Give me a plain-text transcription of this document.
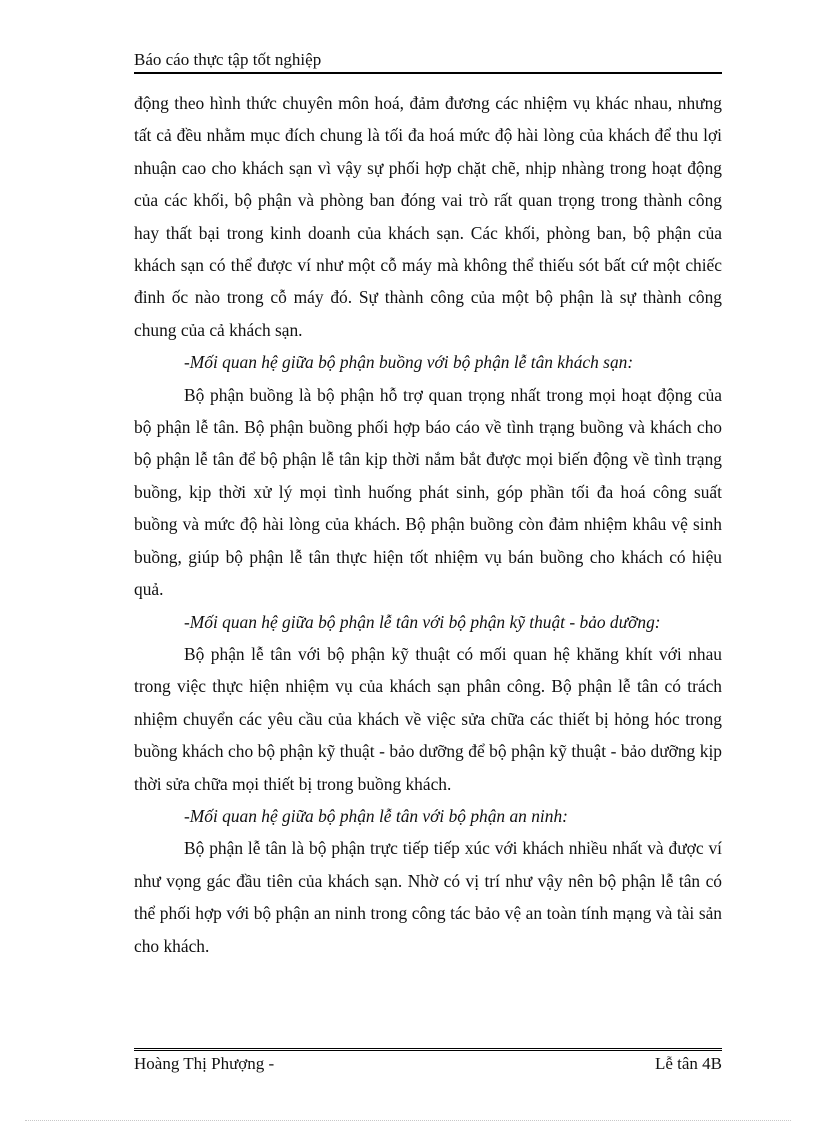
Báo cáo thực tập tốt nghiệp

động theo hình thức chuyên môn hoá, đảm đương các nhiệm vụ khác nhau, nhưng tất cả đều nhằm mục đích chung là tối đa hoá mức độ hài lòng của khách để thu lợi nhuận cao cho khách sạn vì vậy sự phối hợp chặt chẽ, nhịp nhàng trong hoạt động của các khối, bộ phận và phòng ban đóng vai trò rất quan trọng trong thành công hay thất bại trong kinh doanh của khách sạn. Các khối, phòng ban, bộ phận của khách sạn có thể được ví như một cỗ máy mà không thể thiếu sót bất cứ một chiếc đinh ốc nào trong cỗ máy đó. Sự thành công của một bộ phận là sự thành công chung của cả khách sạn.

-Mối quan hệ giữa bộ phận buồng với bộ phận lễ tân khách sạn:

Bộ phận buồng là bộ phận hỗ trợ quan trọng nhất trong mọi hoạt động của bộ phận lễ tân. Bộ phận buồng phối hợp báo cáo về tình trạng buồng và khách cho bộ phận lễ tân để bộ phận lễ tân kịp thời nắm bắt được mọi biến động về tình trạng buồng, kịp thời xử lý mọi tình huống phát sinh, góp phần tối đa hoá công suất buồng và mức độ hài lòng của khách. Bộ phận buồng còn đảm nhiệm khâu vệ sinh buồng, giúp bộ phận lễ tân thực hiện tốt nhiệm vụ bán buồng cho khách có hiệu quả.

-Mối quan hệ giữa bộ phận lễ tân với bộ phận kỹ thuật - bảo dưỡng:

Bộ phận lễ tân với bộ phận kỹ thuật có mối quan hệ khăng khít với nhau trong việc thực hiện nhiệm vụ của khách sạn phân công. Bộ phận lễ tân có trách nhiệm chuyển các yêu cầu của khách về việc sửa chữa các thiết bị hỏng hóc trong buồng khách cho bộ phận kỹ thuật - bảo dưỡng để bộ phận kỹ thuật - bảo dưỡng kịp thời sửa chữa mọi thiết bị trong buồng khách.

-Mối quan hệ giữa bộ phận lễ tân với bộ phận an ninh:

Bộ phận lễ tân là bộ phận trực tiếp tiếp xúc với khách nhiều nhất và được ví như vọng gác đầu tiên của khách sạn. Nhờ có vị trí như vậy nên bộ phận lễ tân có thể phối hợp với bộ phận an ninh trong công tác bảo vệ an toàn tính mạng và tài sản cho khách.

Hoàng Thị Phượng -	Lễ tân 4B
